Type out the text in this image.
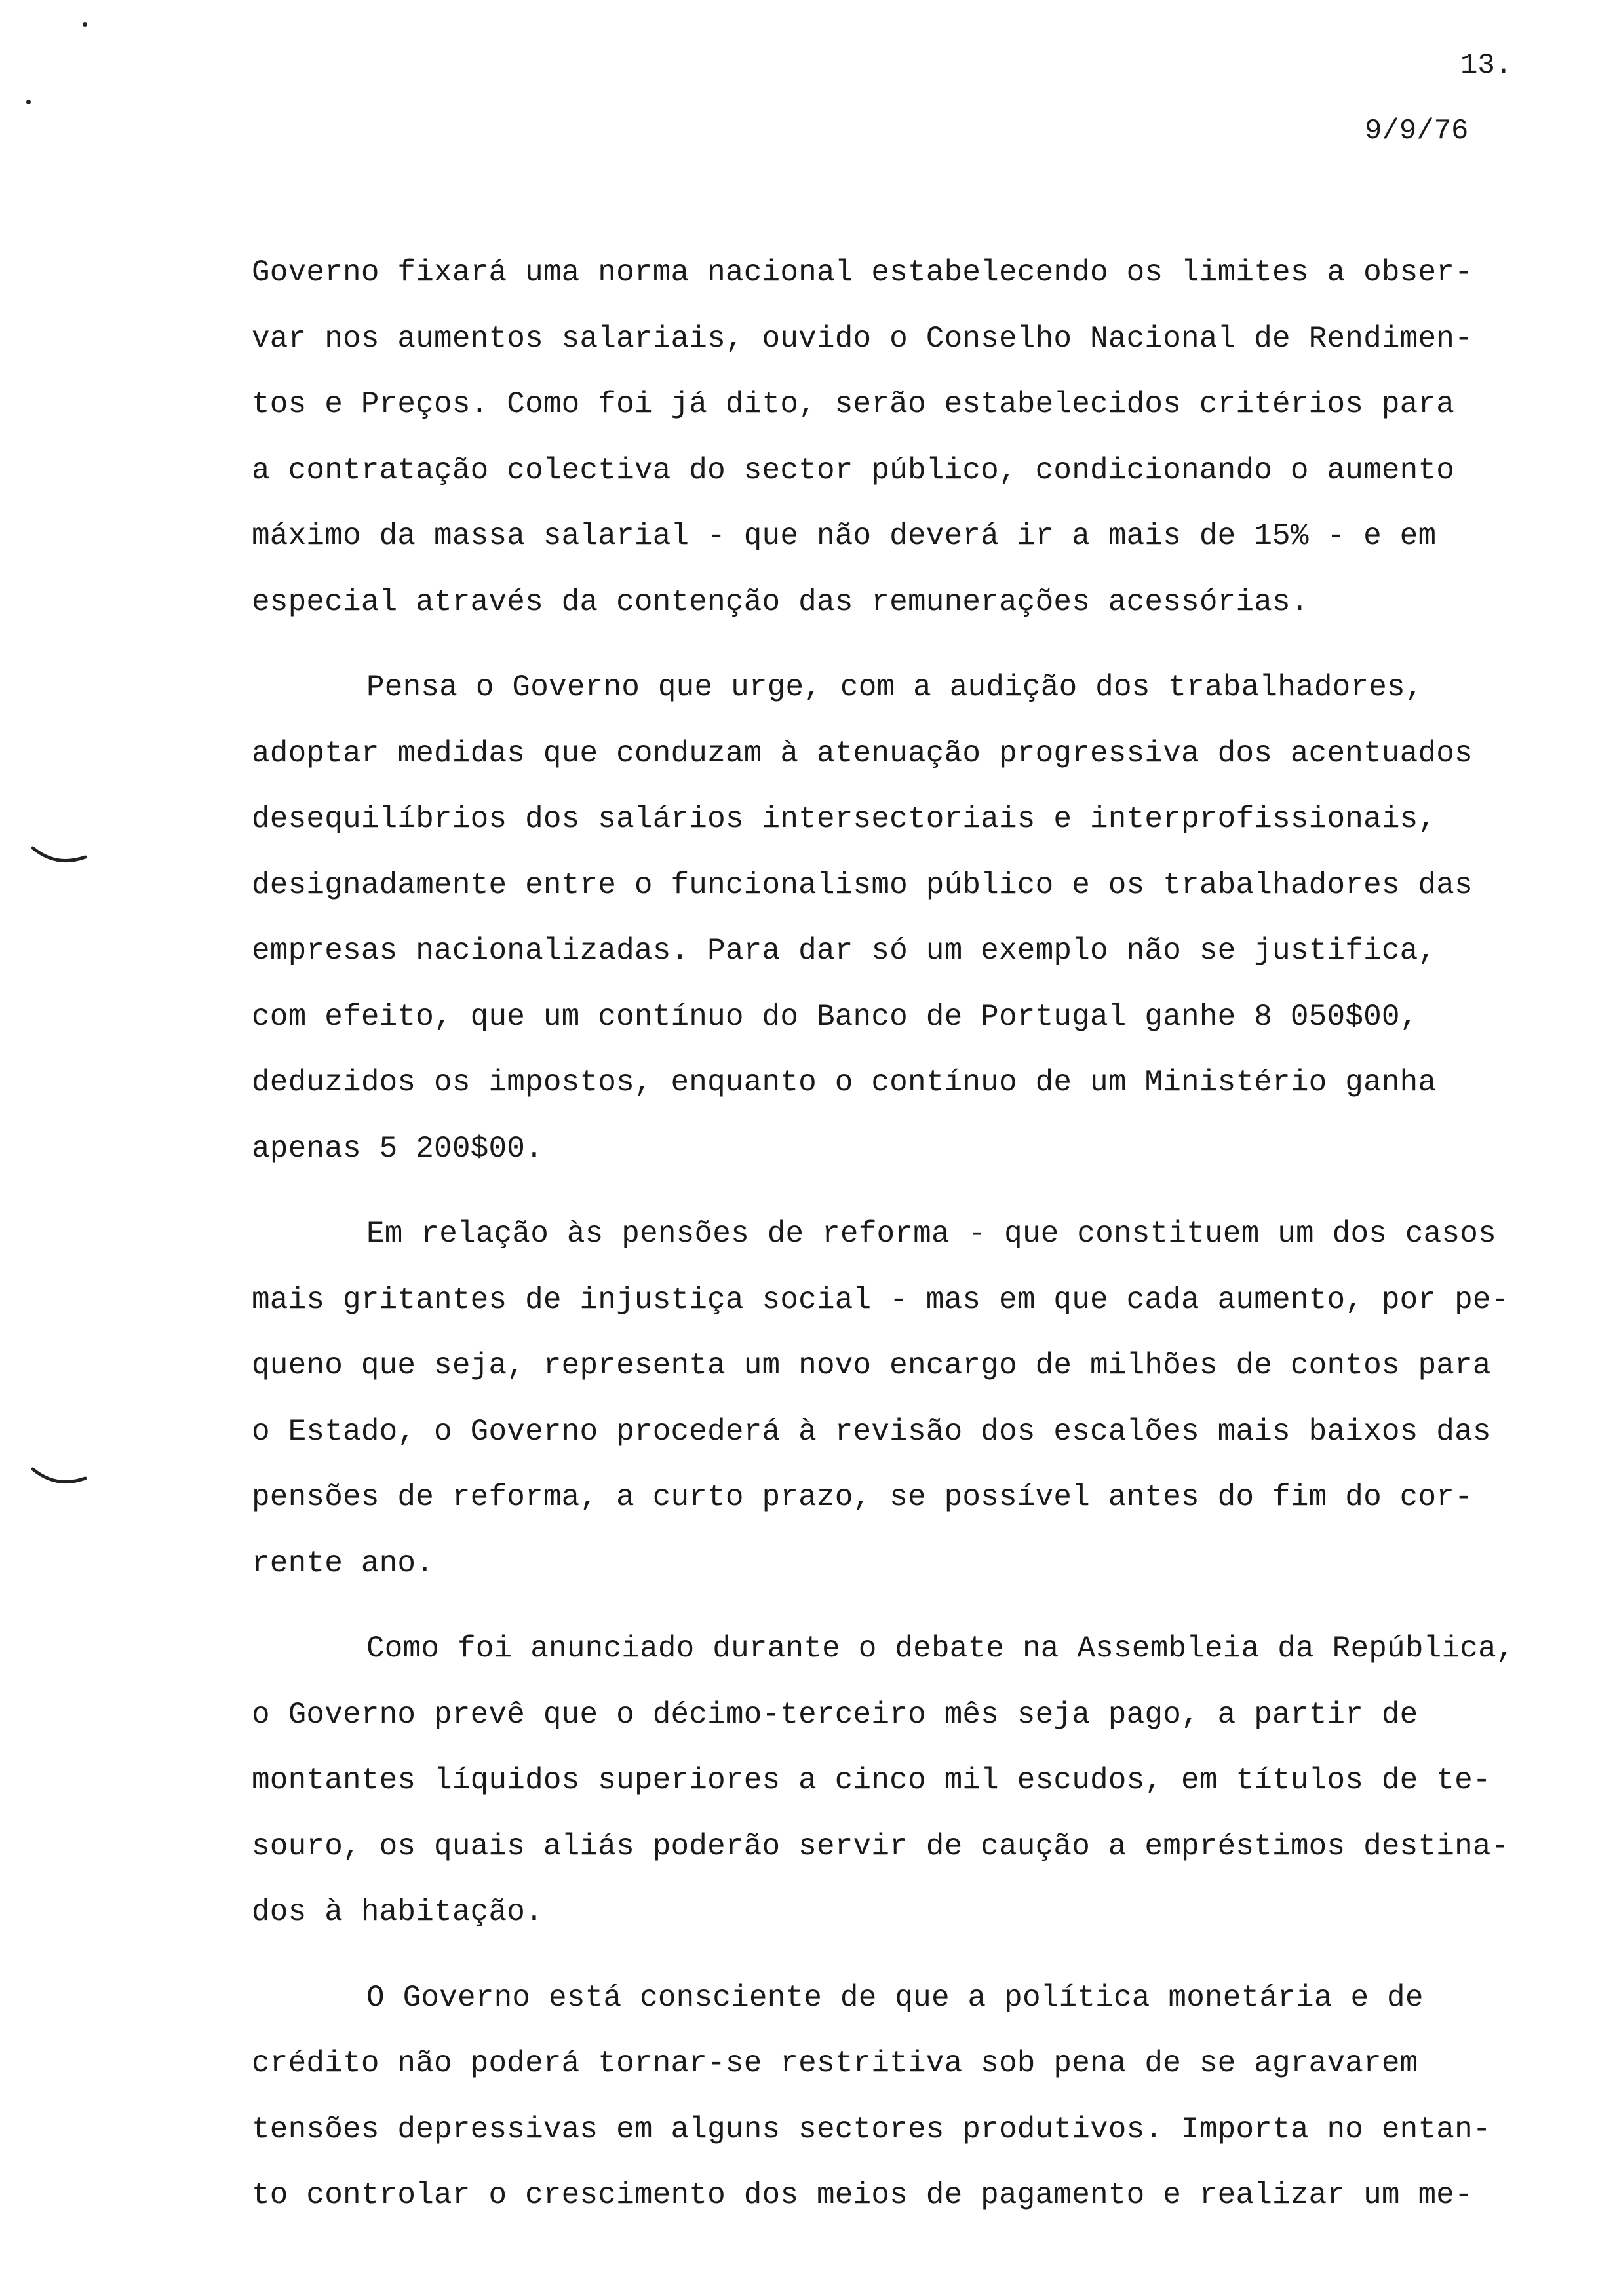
13.
9/9/76
Governo fixará uma norma nacional estabelecendo os limites a obser-
var nos aumentos salariais, ouvido o Conselho Nacional de Rendimen-
tos e Preços. Como foi já dito, serão estabelecidos critérios para
a contratação colectiva do sector público, condicionando o aumento
máximo da massa salarial - que não deverá ir a mais de 15% - e em
especial através da contenção das remunerações acessórias.
Pensa o Governo que urge, com a audição dos trabalhadores,
adoptar medidas que conduzam à atenuação progressiva dos acentuados
desequilíbrios dos salários intersectoriais e interprofissionais,
designadamente entre o funcionalismo público e os trabalhadores das
empresas nacionalizadas. Para dar só um exemplo não se justifica,
com efeito, que um contínuo do Banco de Portugal ganhe 8 050$00,
deduzidos os impostos, enquanto o contínuo de um Ministério ganha
apenas 5 200$00.
Em relação às pensões de reforma - que constituem um dos casos
mais gritantes de injustiça social - mas em que cada aumento, por pe-
queno que seja, representa um novo encargo de milhões de contos para
o Estado, o Governo procederá à revisão dos escalões mais baixos das
pensões de reforma, a curto prazo, se possível antes do fim do cor-
rente ano.
Como foi anunciado durante o debate na Assembleia da República,
o Governo prevê que o décimo-terceiro mês seja pago, a partir de
montantes líquidos superiores a cinco mil escudos, em títulos de te-
souro, os quais aliás poderão servir de caução a empréstimos destina-
dos à habitação.
O Governo está consciente de que a política monetária e de
crédito não poderá tornar-se restritiva sob pena de se agravarem
tensões depressivas em alguns sectores produtivos. Importa no entan-
to controlar o crescimento dos meios de pagamento e realizar um me-
